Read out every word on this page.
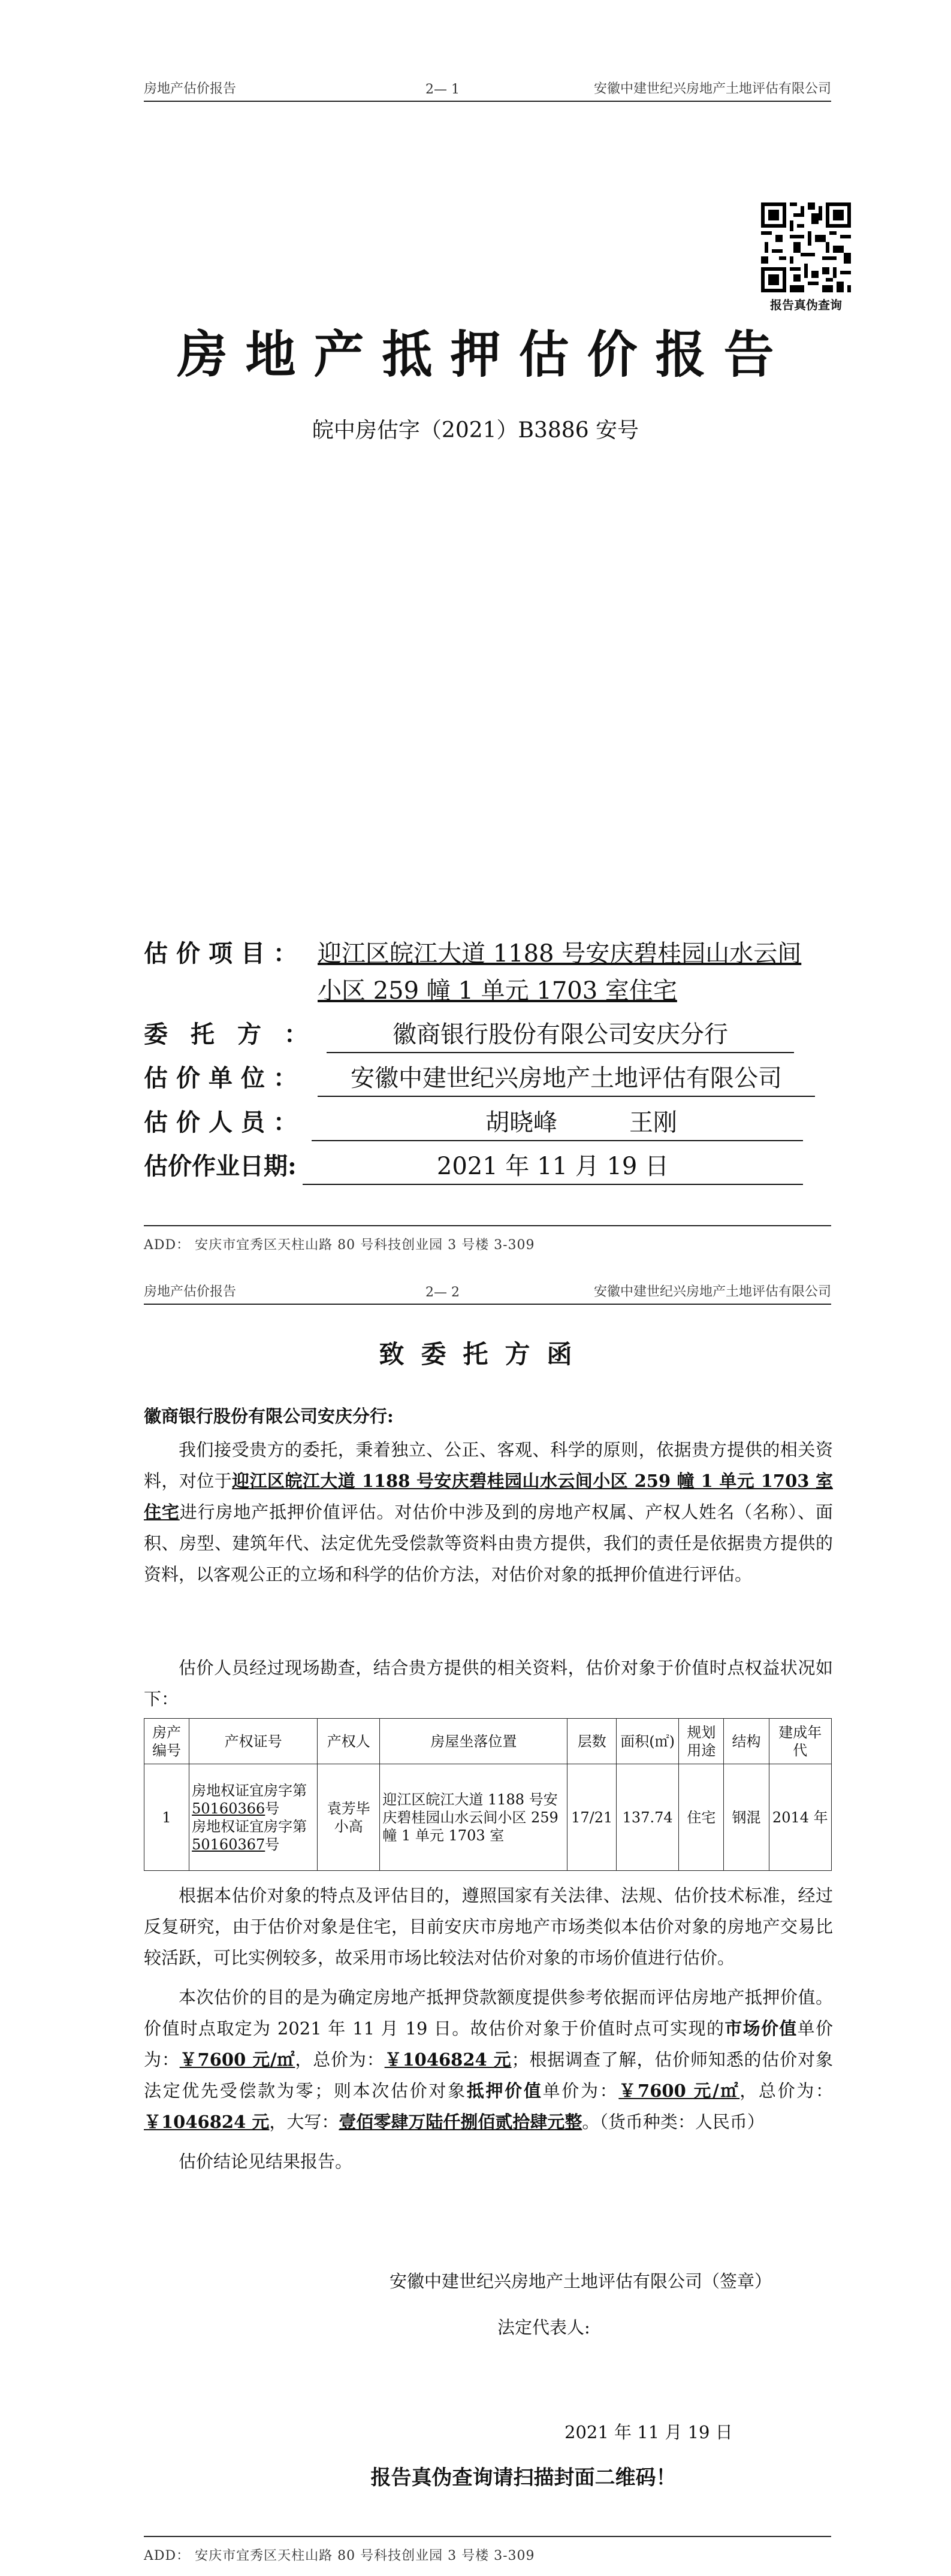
房地产估价报告	2— 1	安徽中建世纪兴房地产土地评估有限公司
报告真伪查询
房地产抵押估价报告
皖中房估字（2021）B3886 安号
估价项目： 迎江区皖江大道 1188 号安庆碧桂园山水云间
小区 259 幢 1 单元 1703 室住宅
委托方：	徽商银行股份有限公司安庆分行
估价单位：	安徽中建世纪兴房地产土地评估有限公司
估价人员：	胡晓峰	王刚
估价作业日期:	2021 年 11 月 19 日
ADD： 安庆市宜秀区天柱山路 80 号科技创业园 3 号楼 3-309
房地产估价报告	2— 2	安徽中建世纪兴房地产土地评估有限公司
致委托方函
徽商银行股份有限公司安庆分行:

我们接受贵方的委托，秉着独立、公正、客观、科学的原则，依据贵方提供的相关资料，对位于迎江区皖江大道 1188 号安庆碧桂园山水云间小区 259 幢 1 单元 1703 室住宅进行房地产抵押价值评估。对估价中涉及到的房地产权属、产权人姓名（名称）、面积、房型、建筑年代、法定优先受偿款等资料由贵方提供，我们的责任是依据贵方提供的资料，以客观公正的立场和科学的估价方法，对估价对象的抵押价值进行评估。

估价人员经过现场勘查，结合贵方提供的相关资料，估价对象于价值时点权益状况如下：

房产编号	产权证号	产权人	房屋坐落位置	层数	面积(㎡)	规划用途	结构	建成年代
1	房地权证宜房字第50160366号
房地权证宜房字第50160367号	袁芳毕小高	迎江区皖江大道 1188 号安庆碧桂园山水云间小区 259 幢 1 单元 1703 室	17/21	137.74	住宅	钢混	2014 年

根据本估价对象的特点及评估目的，遵照国家有关法律、法规、估价技术标准，经过反复研究，由于估价对象是住宅，目前安庆市房地产市场类似本估价对象的房地产交易比较活跃，可比实例较多，故采用市场比较法对估价对象的市场价值进行估价。

本次估价的目的是为确定房地产抵押贷款额度提供参考依据而评估房地产抵押价值。价值时点取定为 2021 年 11 月 19 日。故估价对象于价值时点可实现的市场价值单价为：￥7600 元/㎡，总价为：￥1046824 元；根据调查了解，估价师知悉的估价对象法定优先受偿款为零；则本次估价对象抵押价值单价为：￥7600 元/㎡，总价为：￥1046824 元，大写：壹佰零肆万陆仟捌佰贰拾肆元整。（货币种类：人民币）

估价结论见结果报告。

安徽中建世纪兴房地产土地评估有限公司（签章）
法定代表人:
2021 年 11 月 19 日
报告真伪查询请扫描封面二维码！
ADD： 安庆市宜秀区天柱山路 80 号科技创业园 3 号楼 3-309
